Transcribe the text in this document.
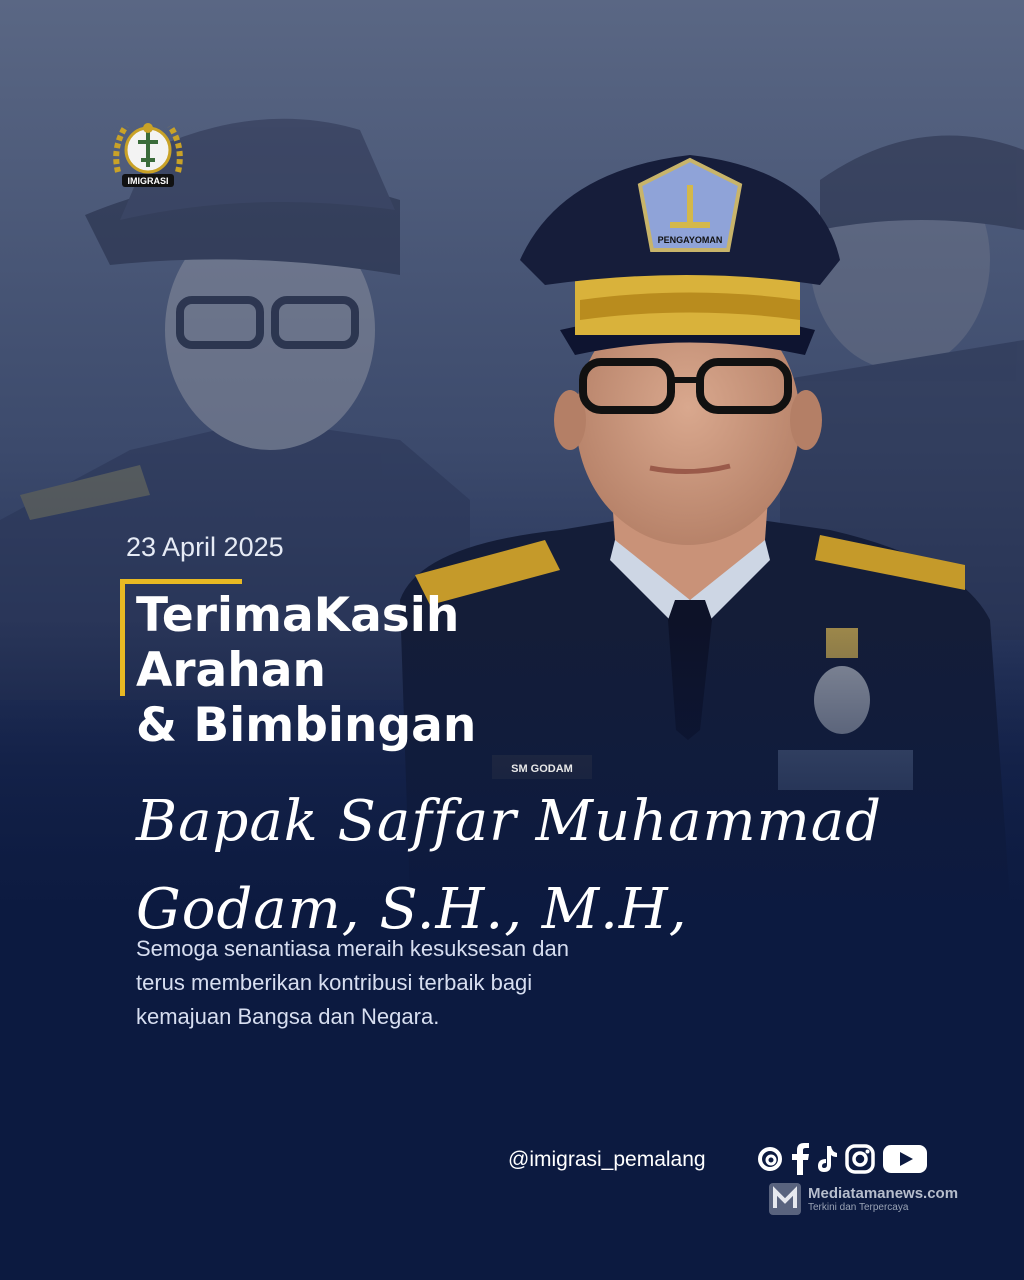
IMIGRASI
23 April 2025
TerimaKasih
Arahan
& Bimbingan
Bapak Saffar Muhammad
Godam, S.H., M.H,
Semoga senantiasa meraih kesuksesan dan
terus memberikan kontribusi terbaik bagi
kemajuan Bangsa dan Negara.
@imigrasi_pemalang
Mediatamanews.com
Terkini dan Terpercaya
PENGAYOMAN
SM GODAM
